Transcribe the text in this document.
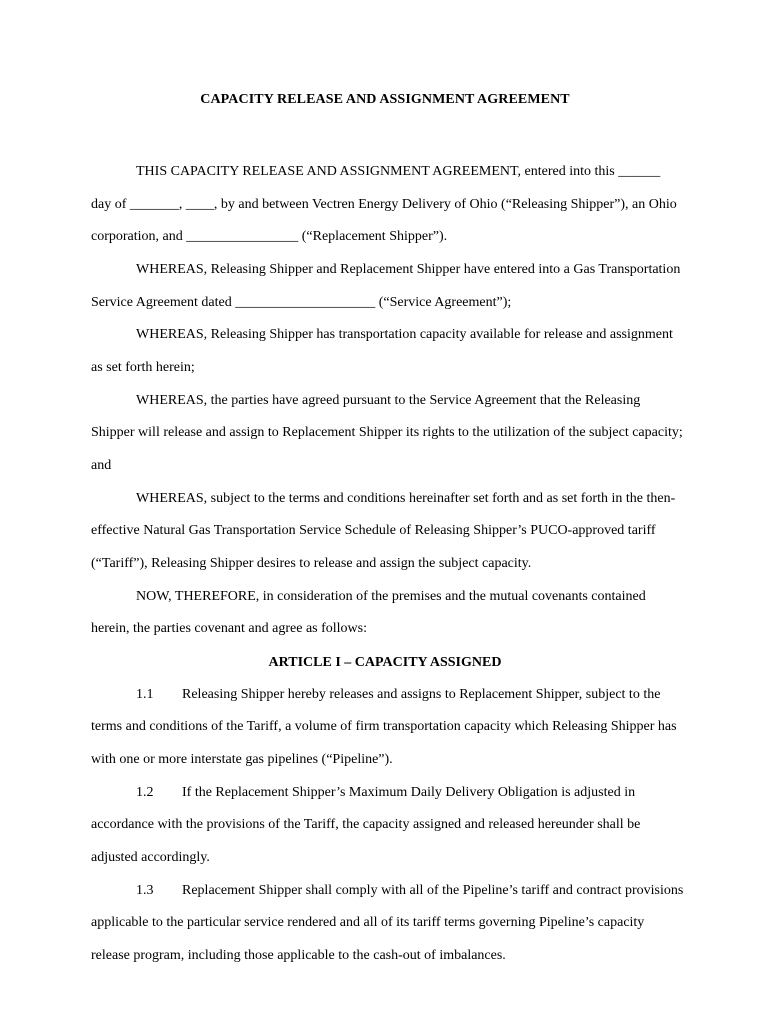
CAPACITY RELEASE AND ASSIGNMENT AGREEMENT
THIS CAPACITY RELEASE AND ASSIGNMENT AGREEMENT, entered into this ______
day of _______, ____, by and between Vectren Energy Delivery of Ohio (“Releasing Shipper”), an Ohio
corporation, and ________________ (“Replacement Shipper”).
WHEREAS, Releasing Shipper and Replacement Shipper have entered into a Gas Transportation
Service Agreement dated ____________________ (“Service Agreement”);
WHEREAS, Releasing Shipper has transportation capacity available for release and assignment
as set forth herein;
WHEREAS, the parties have agreed pursuant to the Service Agreement that the Releasing
Shipper will release and assign to Replacement Shipper its rights to the utilization of the subject capacity;
and
WHEREAS, subject to the terms and conditions hereinafter set forth and as set forth in the then-
effective Natural Gas Transportation Service Schedule of Releasing Shipper’s PUCO-approved tariff
(“Tariff”), Releasing Shipper desires to release and assign the subject capacity.
NOW, THEREFORE, in consideration of the premises and the mutual covenants contained
herein, the parties covenant and agree as follows:
ARTICLE I – CAPACITY ASSIGNED
1.1 Releasing Shipper hereby releases and assigns to Replacement Shipper, subject to the
terms and conditions of the Tariff, a volume of firm transportation capacity which Releasing Shipper has
with one or more interstate gas pipelines (“Pipeline”).
1.2 If the Replacement Shipper’s Maximum Daily Delivery Obligation is adjusted in
accordance with the provisions of the Tariff, the capacity assigned and released hereunder shall be
adjusted accordingly.
1.3 Replacement Shipper shall comply with all of the Pipeline’s tariff and contract provisions
applicable to the particular service rendered and all of its tariff terms governing Pipeline’s capacity
release program, including those applicable to the cash-out of imbalances.
